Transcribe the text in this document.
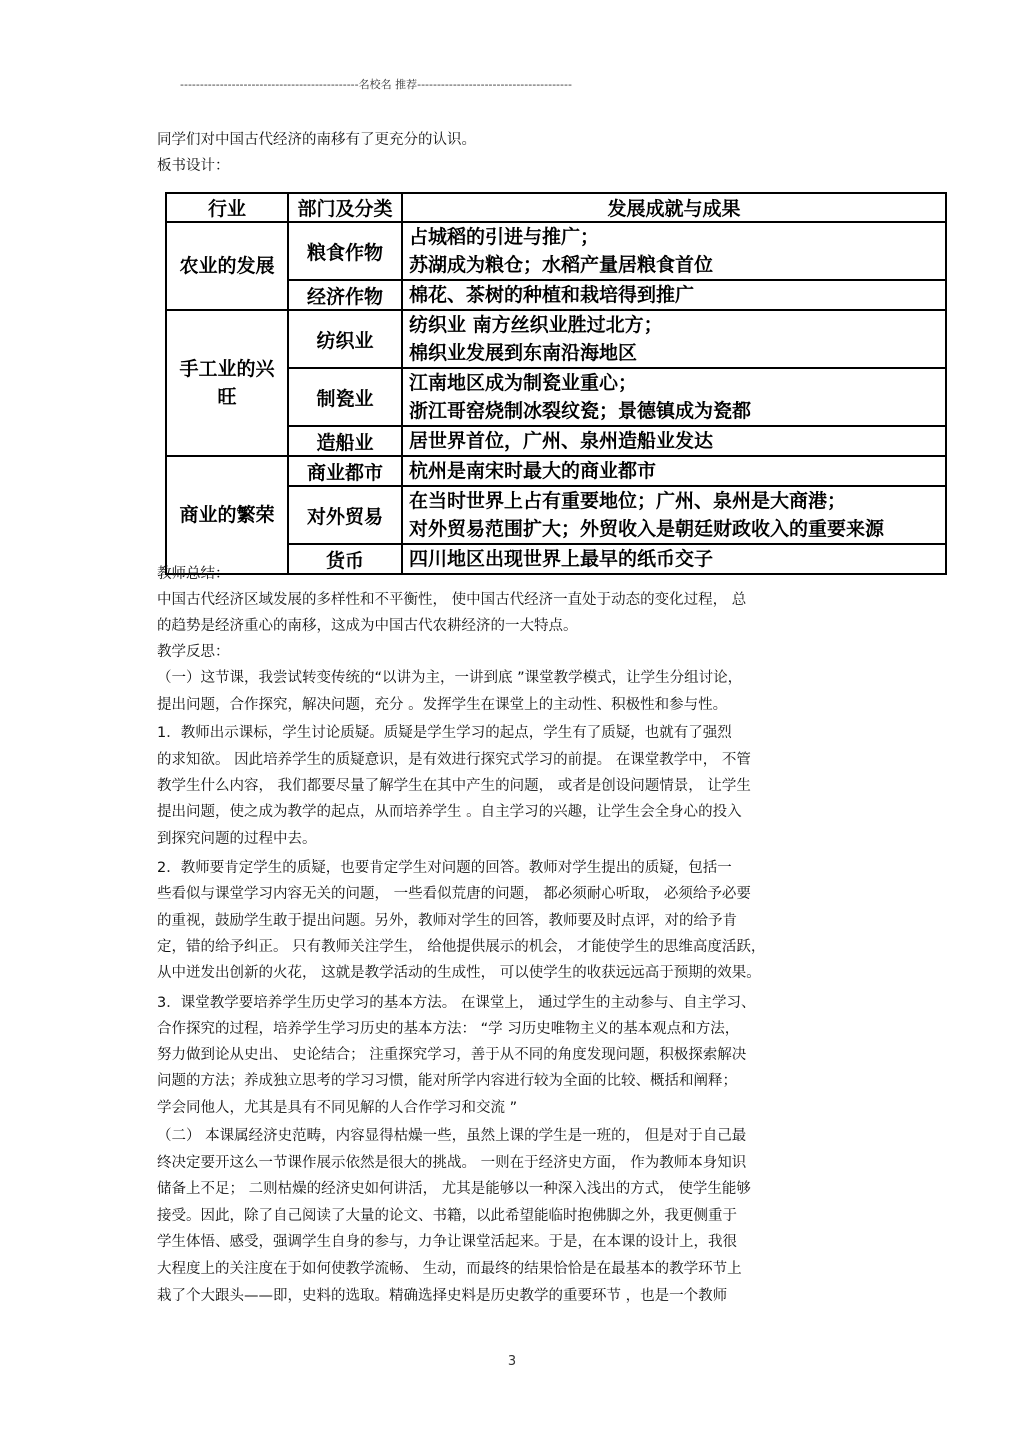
---------------------------------------------名校名 推荐---------------------------------------
同学们对中国古代经济的南移有了更充分的认识。
板书设计：
行业	部门及分类	发展成就与成果

农业的发展	粮食作物	占城稻的引进与推广；
苏湖成为粮仓；水稻产量居粮食首位

	经济作物	棉花、茶树的种植和栽培得到推广

手工业的兴旺	纺织业	纺织业 南方丝织业胜过北方；
棉织业发展到东南沿海地区

	制瓷业	江南地区成为制瓷业重心；
浙江哥窑烧制冰裂纹瓷；景德镇成为瓷都

	造船业	居世界首位，广州、泉州造船业发达

商业的繁荣	商业都市	杭州是南宋时最大的商业都市
	对外贸易	在当时世界上占有重要地位；广州、泉州是大商港；
对外贸易范围扩大；外贸收入是朝廷财政收入的重要来源

	货币	四川地区出现世界上最早的纸币交子
教师总结：
中国古代经济区域发展的多样性和不平衡性， 使中国古代经济一直处于动态的变化过程， 总
的趋势是经济重心的南移，这成为中国古代农耕经济的一大特点。
教学反思：
（一）这节课，我尝试转变传统的“以讲为主，一讲到底 ”课堂教学模式，让学生分组讨论，
提出问题，合作探究，解决问题，充分 。发挥学生在课堂上的主动性、积极性和参与性。
1．教师出示课标，学生讨论质疑。质疑是学生学习的起点，学生有了质疑，也就有了强烈
的求知欲。 因此培养学生的质疑意识，是有效进行探究式学习的前提。 在课堂教学中， 不管
教学生什么内容， 我们都要尽量了解学生在其中产生的问题， 或者是创设问题情景， 让学生
提出问题，使之成为教学的起点，从而培养学生 。自主学习的兴趣，让学生会全身心的投入
到探究问题的过程中去。
2．教师要肯定学生的质疑，也要肯定学生对问题的回答。教师对学生提出的质疑，包括一
些看似与课堂学习内容无关的问题， 一些看似荒唐的问题， 都必须耐心听取， 必须给予必要
的重视，鼓励学生敢于提出问题。另外，教师对学生的回答，教师要及时点评，对的给予肯
定，错的给予纠正。 只有教师关注学生， 给他提供展示的机会， 才能使学生的思维高度活跃，
从中迸发出创新的火花， 这就是教学活动的生成性， 可以使学生的收获远远高于预期的效果。
3．课堂教学要培养学生历史学习的基本方法。 在课堂上， 通过学生的主动参与、自主学习、
合作探究的过程，培养学生学习历史的基本方法： “学 习历史唯物主义的基本观点和方法，
努力做到论从史出、 史论结合； 注重探究学习，善于从不同的角度发现问题，积极探索解决
问题的方法；养成独立思考的学习习惯，能对所学内容进行较为全面的比较、概括和阐释；
学会同他人，尤其是具有不同见解的人合作学习和交流 ”
（二） 本课属经济史范畴，内容显得枯燥一些，虽然上课的学生是一班的， 但是对于自己最
终决定要开这么一节课作展示依然是很大的挑战。 一则在于经济史方面， 作为教师本身知识
储备上不足； 二则枯燥的经济史如何讲活， 尤其是能够以一种深入浅出的方式， 使学生能够
接受。因此，除了自己阅读了大量的论文、书籍，以此希望能临时抱佛脚之外，我更侧重于
学生体悟、感受，强调学生自身的参与，力争让课堂活起来。于是，在本课的设计上，我很
大程度上的关注度在于如何使教学流畅、 生动，而最终的结果恰恰是在最基本的教学环节上
栽了个大跟头——即，史料的选取。精确选择史料是历史教学的重要环节 ，也是一个教师
3
